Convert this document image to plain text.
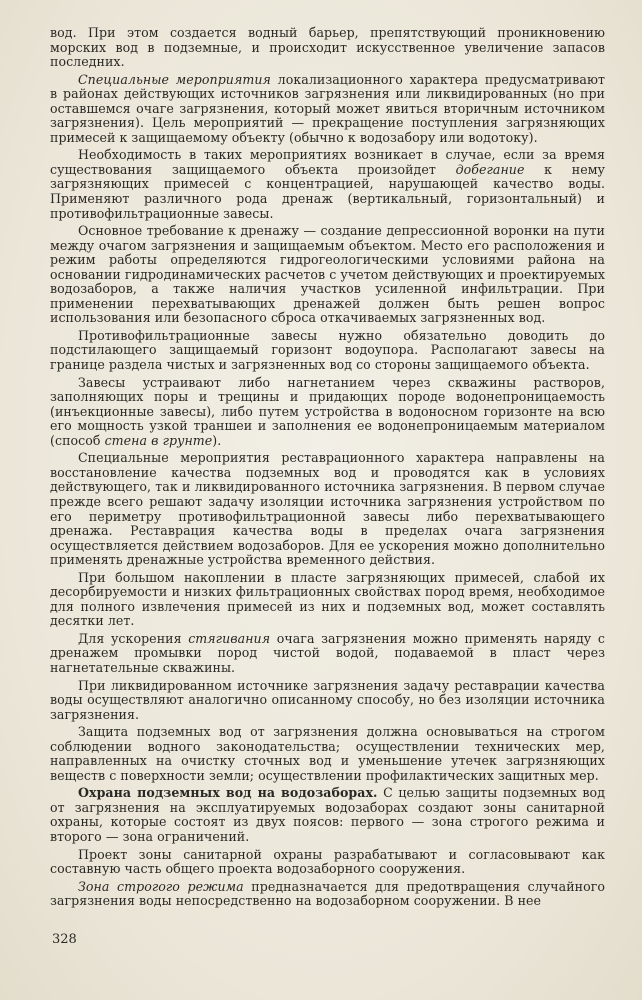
вод. При этом создается водный барьер, препятствующий проникновению морских вод в подземные, и происходит искусственное увеличение запасов последних.

Специальные мероприятия локализационного характера предусматривают в районах действующих источников загрязнения или ликвидированных (но при оставшемся очаге загрязнения, который может явиться вторичным источником загрязнения). Цель мероприятий — прекращение поступления загрязняющих примесей к защищаемому объекту (обычно к водозабору или водотоку).

Необходимость в таких мероприятиях возникает в случае, если за время существования защищаемого объекта произойдет добегание к нему загрязняющих примесей с концентрацией, нарушающей качество воды. Применяют различного рода дренаж (вертикальный, горизонтальный) и противофильтрационные завесы.

Основное требование к дренажу — создание депрессионной воронки на пути между очагом загрязнения и защищаемым объектом. Место его расположения и режим работы определяются гидрогеологическими условиями района на основании гидродинамических расчетов с учетом действующих и проектируемых водозаборов, а также наличия участков усиленной инфильтрации. При применении перехватывающих дренажей должен быть решен вопрос использования или безопасного сброса откачиваемых загрязненных вод.

Противофильтрационные завесы нужно обязательно доводить до подстилающего защищаемый горизонт водоупора. Располагают завесы на границе раздела чистых и загрязненных вод со стороны защищаемого объекта.

Завесы устраивают либо нагнетанием через скважины растворов, заполняющих поры и трещины и придающих породе водонепроницаемость (инъекционные завесы), либо путем устройства в водоносном горизонте на всю его мощность узкой траншеи и заполнения ее водонепроницаемым материалом (способ стена в грунте).

Специальные мероприятия реставрационного характера направлены на восстановление качества подземных вод и проводятся как в условиях действующего, так и ликвидированного источника загрязнения. В первом случае прежде всего решают задачу изоляции источника загрязнения устройством по его периметру противофильтрационной завесы либо перехватывающего дренажа. Реставрация качества воды в пределах очага загрязнения осуществляется действием водозаборов. Для ее ускорения можно дополнительно применять дренажные устройства временного действия.

При большом накоплении в пласте загрязняющих примесей, слабой их десорбируемости и низких фильтрационных свойствах пород время, необходимое для полного извлечения примесей из них и подземных вод, может составлять десятки лет.

Для ускорения стягивания очага загрязнения можно применять наряду с дренажем промывки пород чистой водой, подаваемой в пласт через нагнетательные скважины.

При ликвидированном источнике загрязнения задачу реставрации качества воды осуществляют аналогично описанному способу, но без изоляции источника загрязнения.

Защита подземных вод от загрязнения должна основываться на строгом соблюдении водного законодательства; осуществлении технических мер, направленных на очистку сточных вод и уменьшение утечек загрязняющих веществ с поверхности земли; осуществлении профилактических защитных мер.

Охрана подземных вод на водозаборах. С целью защиты подземных вод от загрязнения на эксплуатируемых водозаборах создают зоны санитарной охраны, которые состоят из двух поясов: первого — зона строгого режима и второго — зона ограничений.

Проект зоны санитарной охраны разрабатывают и согласовывают как составную часть общего проекта водозаборного сооружения.

Зона строгого режима предназначается для предотвращения случайного загрязнения воды непосредственно на водозаборном сооружении. В нее

328
